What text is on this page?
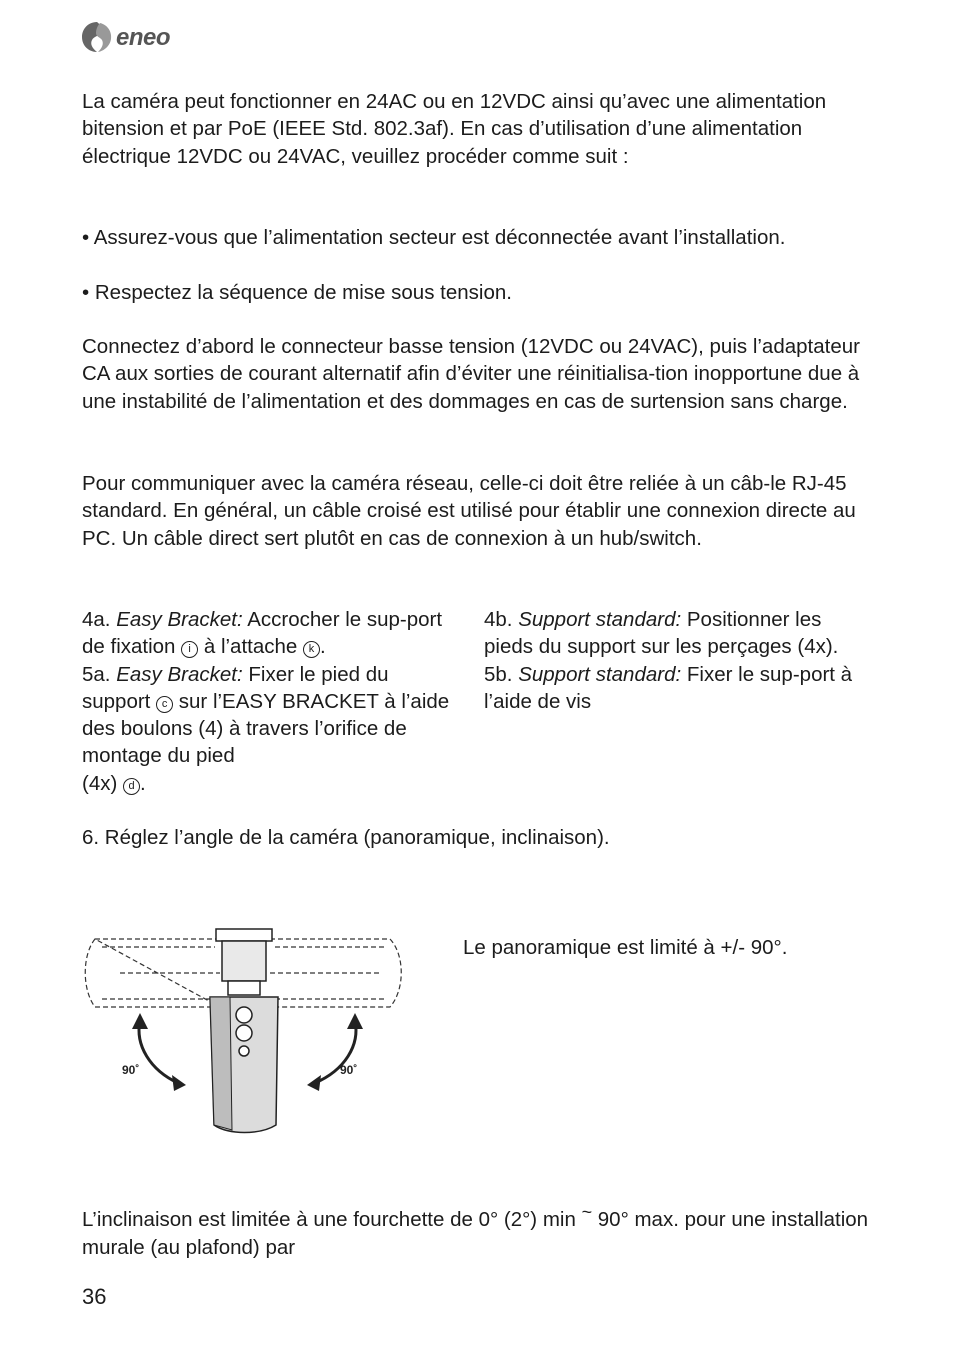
eneo

La caméra peut fonctionner en 24AC ou en 12VDC ainsi qu’avec une alimentation bitension et par PoE (IEEE Std. 802.3af). En cas d’utilisation d’une alimentation électrique 12VDC ou 24VAC, veuillez procéder comme suit :

• Assurez-vous que l’alimentation secteur est déconnectée avant l’installation.

• Respectez la séquence de mise sous tension.

Connectez d’abord le connecteur basse tension (12VDC ou 24VAC), puis l’adaptateur CA aux sorties de courant alternatif afin d’éviter une réinitialisa-tion inopportune due à une instabilité de l’alimentation et des dommages en cas de surtension sans charge.

Pour communiquer avec la caméra réseau, celle-ci doit être reliée à un câb-le RJ-45 standard. En général, un câble croisé est utilisé pour établir une connexion directe au PC. Un câble direct sert plutôt en cas de connexion à un hub/switch.

4a. Easy Bracket: Accrocher le sup-port de fixation i à l’attache k .

5a. Easy Bracket: Fixer le pied du support c sur l’EASY BRACKET à l’aide des boulons (4) à travers l’orifice de montage du pied
(4x) d .

4b. Support standard: Positionner les pieds du support sur les perçages (4x).

5b. Support standard: Fixer le sup-port à l’aide de vis

6. Réglez l’angle de la caméra (panoramique, inclinaison).

90˚	90˚

Le panoramique est limité à +/- 90°.

L’inclinaison est limitée à une fourchette de 0° (2°) min ~ 90° max. pour une installation murale (au plafond) par

36
